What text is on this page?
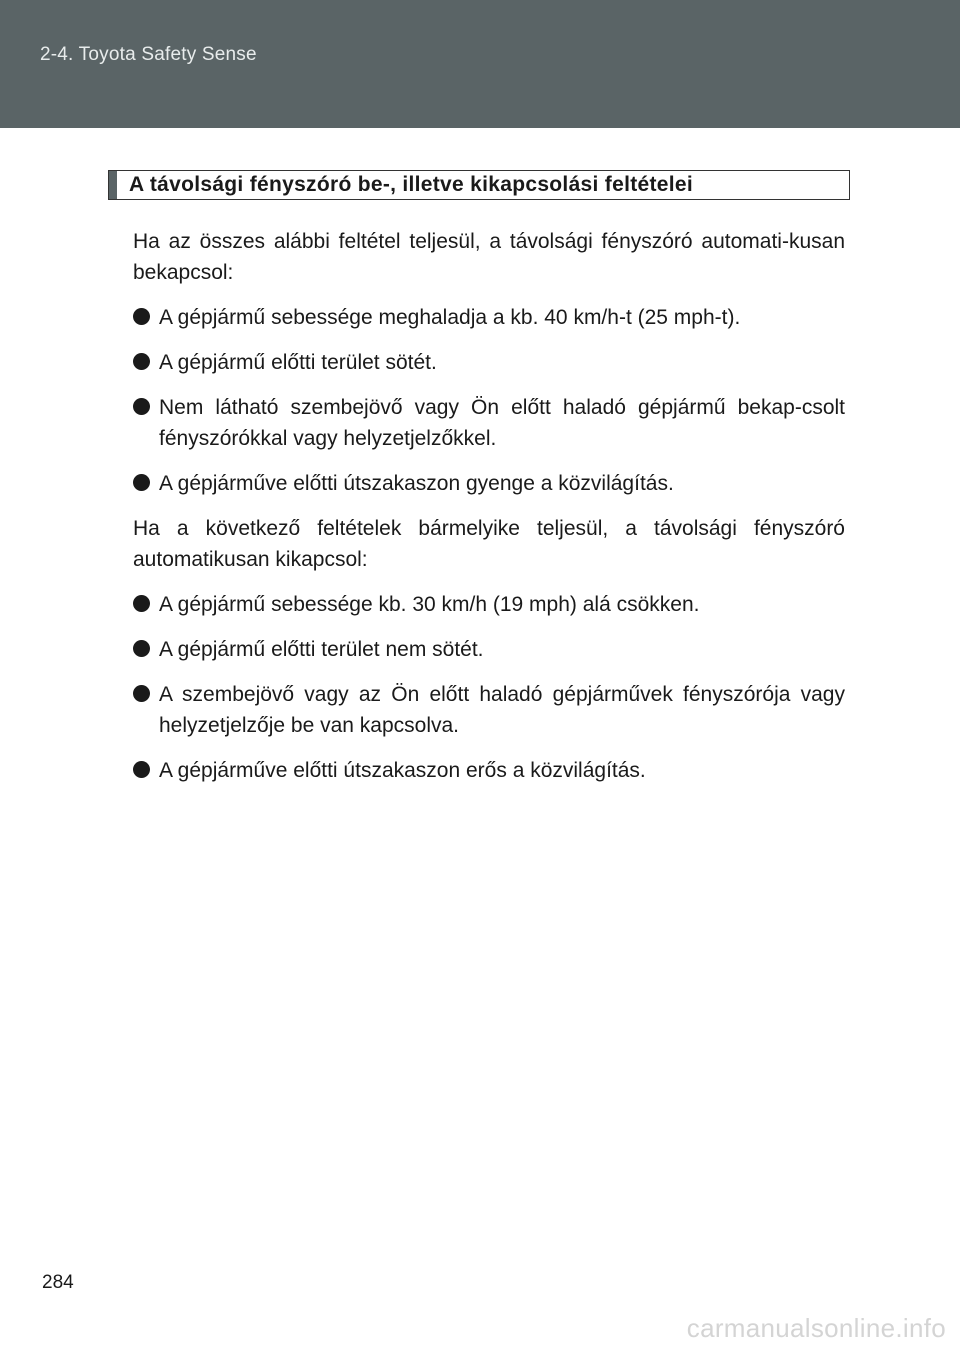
2-4. Toyota Safety Sense
A távolsági fényszóró be-, illetve kikapcsolási feltételei

Ha az összes alábbi feltétel teljesül, a távolsági fényszóró automati-kusan bekapcsol:

A gépjármű sebessége meghaladja a kb. 40 km/h-t (25 mph-t).
A gépjármű előtti terület sötét.
Nem látható szembejövő vagy Ön előtt haladó gépjármű bekap-csolt fényszórókkal vagy helyzetjelzőkkel.
A gépjárműve előtti útszakaszon gyenge a közvilágítás.

Ha a következő feltételek bármelyike teljesül, a távolsági fényszóró automatikusan kikapcsol:

A gépjármű sebessége kb. 30 km/h (19 mph) alá csökken.
A gépjármű előtti terület nem sötét.
A szembejövő vagy az Ön előtt haladó gépjárművek fényszórója vagy helyzetjelzője be van kapcsolva.
A gépjárműve előtti útszakaszon erős a közvilágítás.
284
carmanualsonline.info
